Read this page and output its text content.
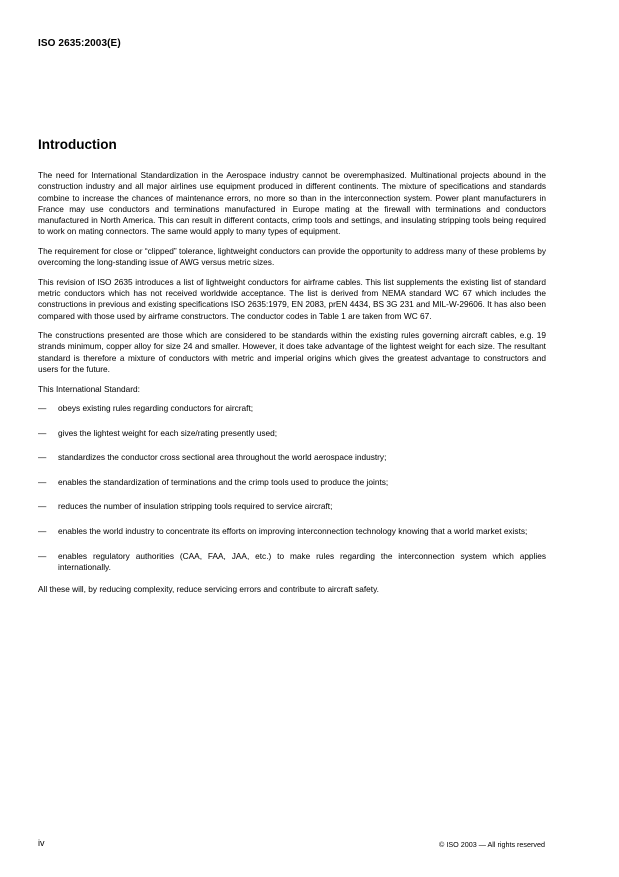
ISO 2635:2003(E)
Introduction

The need for International Standardization in the Aerospace industry cannot be overemphasized. Multinational projects abound in the construction industry and all major airlines use equipment produced in different continents. The mixture of specifications and standards combine to increase the chances of maintenance errors, no more so than in the interconnection system. Power plant manufacturers in France may use conductors and terminations manufactured in Europe mating at the firewall with terminations and conductors manufactured in North America. This can result in different contacts, crimp tools and settings, and insulating stripping tools being required to work on mating connectors. The same would apply to many types of equipment.

The requirement for close or “clipped” tolerance, lightweight conductors can provide the opportunity to address many of these problems by overcoming the long-standing issue of AWG versus metric sizes.

This revision of ISO 2635 introduces a list of lightweight conductors for airframe cables. This list supplements the existing list of standard metric conductors which has not received worldwide acceptance. The list is derived from NEMA standard WC 67 which includes the constructions in previous and existing specifications ISO 2635:1979, EN 2083, prEN 4434, BS 3G 231 and MIL-W-29606. It has also been compared with those used by airframe constructors. The conductor codes in Table 1 are taken from WC 67.

The constructions presented are those which are considered to be standards within the existing rules governing aircraft cables, e.g. 19 strands minimum, copper alloy for size 24 and smaller. However, it does take advantage of the lightest weight for each size. The resultant standard is therefore a mixture of conductors with metric and imperial origins which gives the greatest advantage to constructors and users for the future.

This International Standard:

— obeys existing rules regarding conductors for aircraft;
— gives the lightest weight for each size/rating presently used;
— standardizes the conductor cross sectional area throughout the world aerospace industry;
— enables the standardization of terminations and the crimp tools used to produce the joints;
— reduces the number of insulation stripping tools required to service aircraft;
— enables the world industry to concentrate its efforts on improving interconnection technology knowing that a world market exists;
— enables regulatory authorities (CAA, FAA, JAA, etc.) to make rules regarding the interconnection system which applies internationally.

All these will, by reducing complexity, reduce servicing errors and contribute to aircraft safety.

iv	© ISO 2003 — All rights reserved
